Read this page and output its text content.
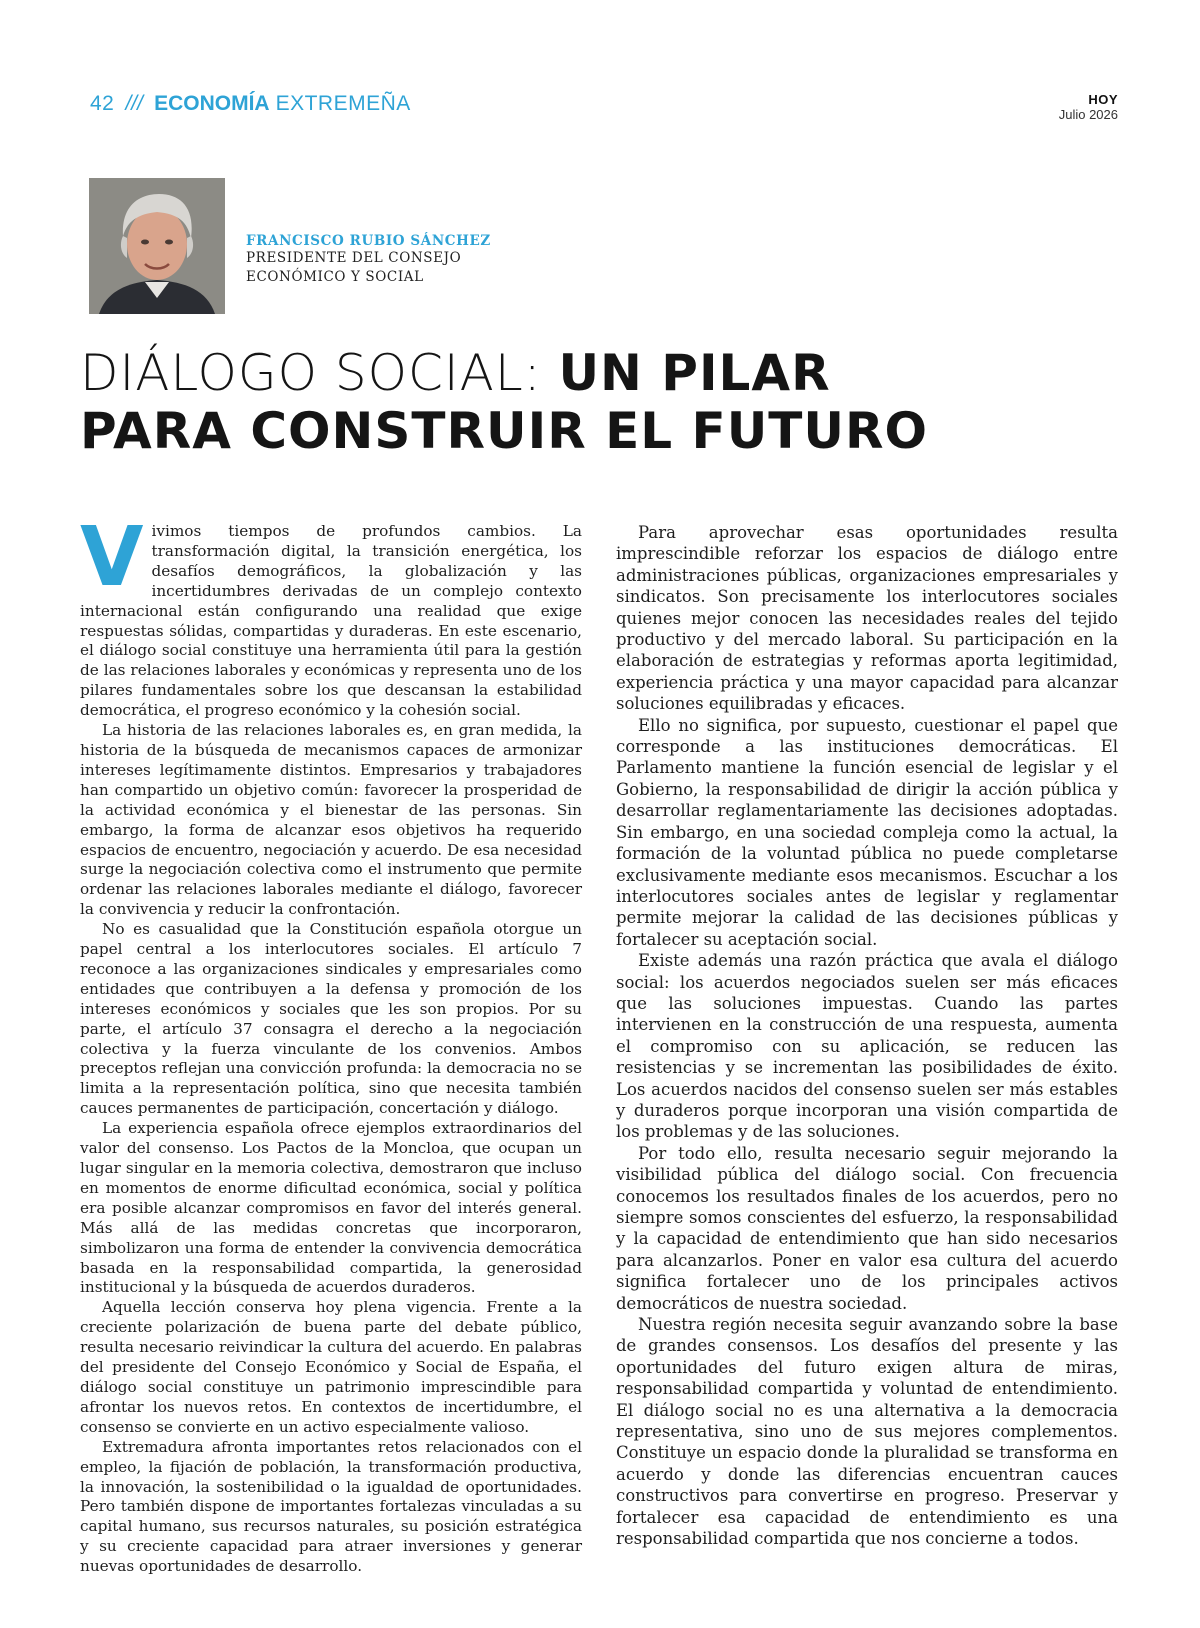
42 /// ECONOMÍA EXTREMEÑA	HOY
Julio 2026
FRANCISCO RUBIO SÁNCHEZ
PRESIDENTE DEL CONSEJO
ECONÓMICO Y SOCIAL
DIÁLOGO SOCIAL: UN PILAR
PARA CONSTRUIR EL FUTURO

Vivimos tiempos de profundos cambios. La transformación digital, la transición energética, los desafíos demográficos, la globalización y las incertidumbres derivadas de un complejo contexto internacional están configurando una realidad que exige respuestas sólidas, compartidas y duraderas. En este escenario, el diálogo social constituye una herramienta útil para la gestión de las relaciones laborales y económicas y representa uno de los pilares fundamentales sobre los que descansan la estabilidad democrática, el progreso económico y la cohesión social.

La historia de las relaciones laborales es, en gran medida, la historia de la búsqueda de mecanismos capaces de armonizar intereses legítimamente distintos. Empresarios y trabajadores han compartido un objetivo común: favorecer la prosperidad de la actividad económica y el bienestar de las personas. Sin embargo, la forma de alcanzar esos objetivos ha requerido espacios de encuentro, negociación y acuerdo. De esa necesidad surge la negociación colectiva como el instrumento que permite ordenar las relaciones laborales mediante el diálogo, favorecer la convivencia y reducir la confrontación.

No es casualidad que la Constitución española otorgue un papel central a los interlocutores sociales. El artículo 7 reconoce a las organizaciones sindicales y empresariales como entidades que contribuyen a la defensa y promoción de los intereses económicos y sociales que les son propios. Por su parte, el artículo 37 consagra el derecho a la negociación colectiva y la fuerza vinculante de los convenios. Ambos preceptos reflejan una convicción profunda: la democracia no se limita a la representación política, sino que necesita también cauces permanentes de participación, concertación y diálogo.

La experiencia española ofrece ejemplos extraordinarios del valor del consenso. Los Pactos de la Moncloa, que ocupan un lugar singular en la memoria colectiva, demostraron que incluso en momentos de enorme dificultad económica, social y política era posible alcanzar compromisos en favor del interés general. Más allá de las medidas concretas que incorporaron, simbolizaron una forma de entender la convivencia democrática basada en la responsabilidad compartida, la generosidad institucional y la búsqueda de acuerdos duraderos.

Aquella lección conserva hoy plena vigencia. Frente a la creciente polarización de buena parte del debate público, resulta necesario reivindicar la cultura del acuerdo. En palabras del presidente del Consejo Económico y Social de España, el diálogo social constituye un patrimonio imprescindible para afrontar los nuevos retos. En contextos de incertidumbre, el consenso se convierte en un activo especialmente valioso.

Extremadura afronta importantes retos relacionados con el empleo, la fijación de población, la transformación productiva, la innovación, la sostenibilidad o la igualdad de oportunidades. Pero también dispone de importantes fortalezas vinculadas a su capital humano, sus recursos naturales, su posición estratégica y su creciente capacidad para atraer inversiones y generar nuevas oportunidades de desarrollo.

Para aprovechar esas oportunidades resulta imprescindible reforzar los espacios de diálogo entre administraciones públicas, organizaciones empresariales y sindicatos. Son precisamente los interlocutores sociales quienes mejor conocen las necesidades reales del tejido productivo y del mercado laboral. Su participación en la elaboración de estrategias y reformas aporta legitimidad, experiencia práctica y una mayor capacidad para alcanzar soluciones equilibradas y eficaces.

Ello no significa, por supuesto, cuestionar el papel que corresponde a las instituciones democráticas. El Parlamento mantiene la función esencial de legislar y el Gobierno, la responsabilidad de dirigir la acción pública y desarrollar reglamentariamente las decisiones adoptadas. Sin embargo, en una sociedad compleja como la actual, la formación de la voluntad pública no puede completarse exclusivamente mediante esos mecanismos. Escuchar a los interlocutores sociales antes de legislar y reglamentar permite mejorar la calidad de las decisiones públicas y fortalecer su aceptación social.

Existe además una razón práctica que avala el diálogo social: los acuerdos negociados suelen ser más eficaces que las soluciones impuestas. Cuando las partes intervienen en la construcción de una respuesta, aumenta el compromiso con su aplicación, se reducen las resistencias y se incrementan las posibilidades de éxito. Los acuerdos nacidos del consenso suelen ser más estables y duraderos porque incorporan una visión compartida de los problemas y de las soluciones.

Por todo ello, resulta necesario seguir mejorando la visibilidad pública del diálogo social. Con frecuencia conocemos los resultados finales de los acuerdos, pero no siempre somos conscientes del esfuerzo, la responsabilidad y la capacidad de entendimiento que han sido necesarios para alcanzarlos. Poner en valor esa cultura del acuerdo significa fortalecer uno de los principales activos democráticos de nuestra sociedad.

Nuestra región necesita seguir avanzando sobre la base de grandes consensos. Los desafíos del presente y las oportunidades del futuro exigen altura de miras, responsabilidad compartida y voluntad de entendimiento. El diálogo social no es una alternativa a la democracia representativa, sino uno de sus mejores complementos. Constituye un espacio donde la pluralidad se transforma en acuerdo y donde las diferencias encuentran cauces constructivos para convertirse en progreso. Preservar y fortalecer esa capacidad de entendimiento es una responsabilidad compartida que nos concierne a todos.
